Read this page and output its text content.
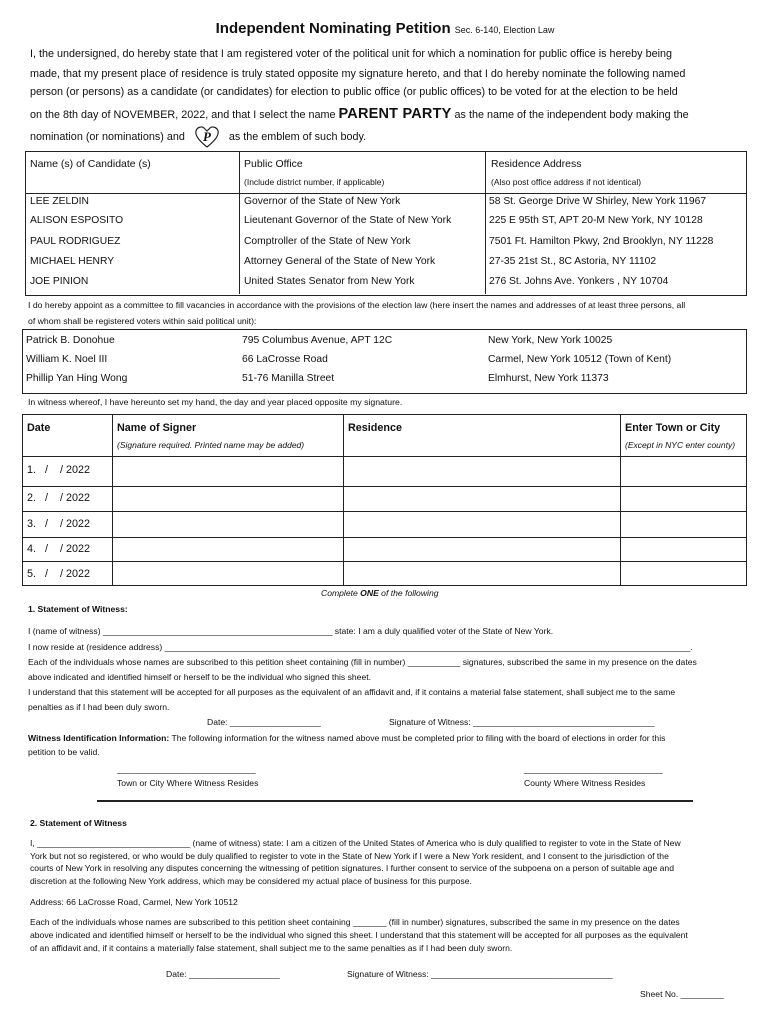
Independent Nominating Petition Sec. 6-140, Election Law
I, the undersigned, do hereby state that I am registered voter of the political unit for which a nomination for public office is hereby being
made, that my present place of residence is truly stated opposite my signature hereto, and that I do hereby nominate the following named
person (or persons) as a candidate (or candidates) for election to public office (or public offices) to be voted for at the election to be held
on the 8th day of NOVEMBER, 2022, and that I select the name PARENT PARTY as the name of the independent body making the
nomination (or nominations) and P as the emblem of such body.
Name (s) of Candidate (s)	Public Office
(Include district number, if applicable)
Residence Address
(Also post office address if not identical)
LEE ZELDIN	Governor of the State of New York	58 St. George Drive W Shirley, New York 11967
ALISON ESPOSITO	Lieutenant Governor of the State of New York	225 E 95th ST, APT 20-M New York, NY 10128
PAUL RODRIGUEZ	Comptroller of the State of New York	7501 Ft. Hamilton Pkwy, 2nd Brooklyn, NY 11228
MICHAEL HENRY	Attorney General of the State of New York	27-35 21st St., 8C Astoria, NY 11102
JOE PINION	United States Senator from New York	276 St. Johns Ave. Yonkers , NY 10704
I do hereby appoint as a committee to fill vacancies in accordance with the provisions of the election law (here insert the names and addresses of at least three persons, all
of whom shall be registered voters within said political unit):
Patrick B. Donohue	795 Columbus Avenue, APT 12C	New York, New York 10025
William K. Noel III	66 LaCrosse Road	Carmel, New York 10512 (Town of Kent)
Phillip Yan Hing Wong	51-76 Manilla Street	Elmhurst, New York 11373
In witness whereof, I have hereunto set my hand, the day and year placed opposite my signature.
Date	Name of Signer
(Signature required. Printed name may be added)
Residence	Enter Town or City
(Except in NYC enter county)
1.   /    / 2022
2.   /    / 2022
3.   /    / 2022
4.   /    / 2022
5.   /    / 2022
Complete ONE of the following
1. Statement of Witness:
I (name of witness) ________________________________________________ state: I am a duly qualified voter of the State of New York.
I now reside at (residence address) ______________________________________________________________________________________________________________.
Each of the individuals whose names are subscribed to this petition sheet containing (fill in number) ___________ signatures, subscribed the same in my presence on the dates
above indicated and identified himself or herself to be the individual who signed this sheet.
I understand that this statement will be accepted for all purposes as the equivalent of an affidavit and, if it contains a material false statement, shall subject me to the same
penalties as if I had been duly sworn.
Date: ___________________	Signature of Witness: ______________________________________
Witness Identification Information: The following information for the witness named above must be completed prior to filing with the board of elections in order for this
petition to be valid.
_____________________________	_____________________________
Town or City Where Witness Resides	County Where Witness Resides
2. Statement of Witness
I, ________________________________ (name of witness) state: I am a citizen of the United States of America who is duly qualified to register to vote in the State of New
York but not so registered, or who would be duly qualified to register to vote in the State of New York if I were a New York resident, and I consent to the jurisdiction of the
courts of New York in resolving any disputes concerning the witnessing of petition signatures. I further consent to service of the subpoena on a person of suitable age and
discretion at the following New York address, which may be considered my actual place of business for this purpose.
Address: 66 LaCrosse Road, Carmel, New York 10512
Each of the individuals whose names are subscribed to this petition sheet containing _______ (fill in number) signatures, subscribed the same in my presence on the dates
above indicated and identified himself or herself to be the individual who signed this sheet. I understand that this statement will be accepted for all purposes as the equivalent
of an affidavit and, if it contains a materially false statement, shall subject me to the same penalties as if I had been duly sworn.
Date: ___________________	Signature of Witness: ______________________________________
Sheet No. _________
